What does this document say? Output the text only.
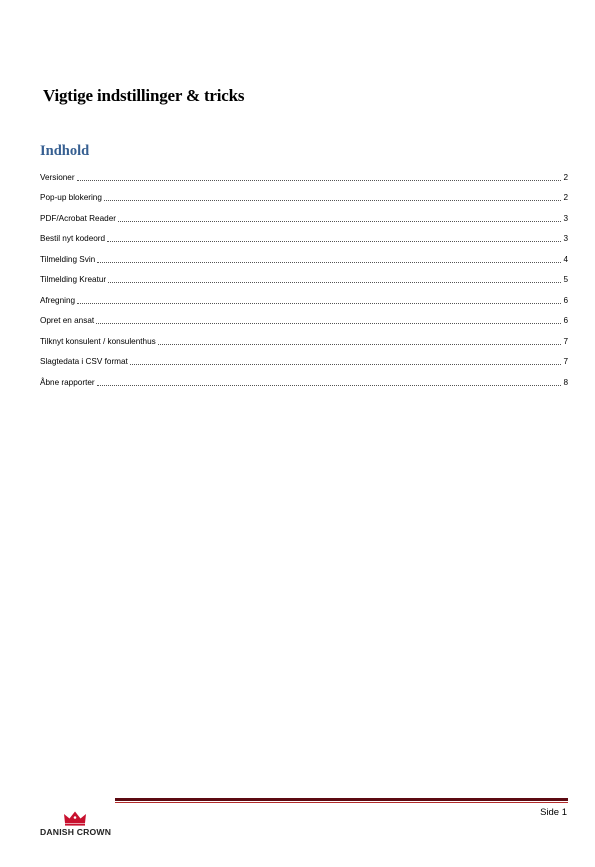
Vigtige indstillinger & tricks
Indhold
Versioner	2
Pop-up blokering	2
PDF/Acrobat Reader	3
Bestil nyt kodeord	3
Tilmelding Svin	4
Tilmelding Kreatur	5
Afregning	6
Opret en ansat	6
Tilknyt konsulent / konsulenthus	7
Slagtedata i CSV format	7
Åbne rapporter	8
Side 1
DANISH CROWN
